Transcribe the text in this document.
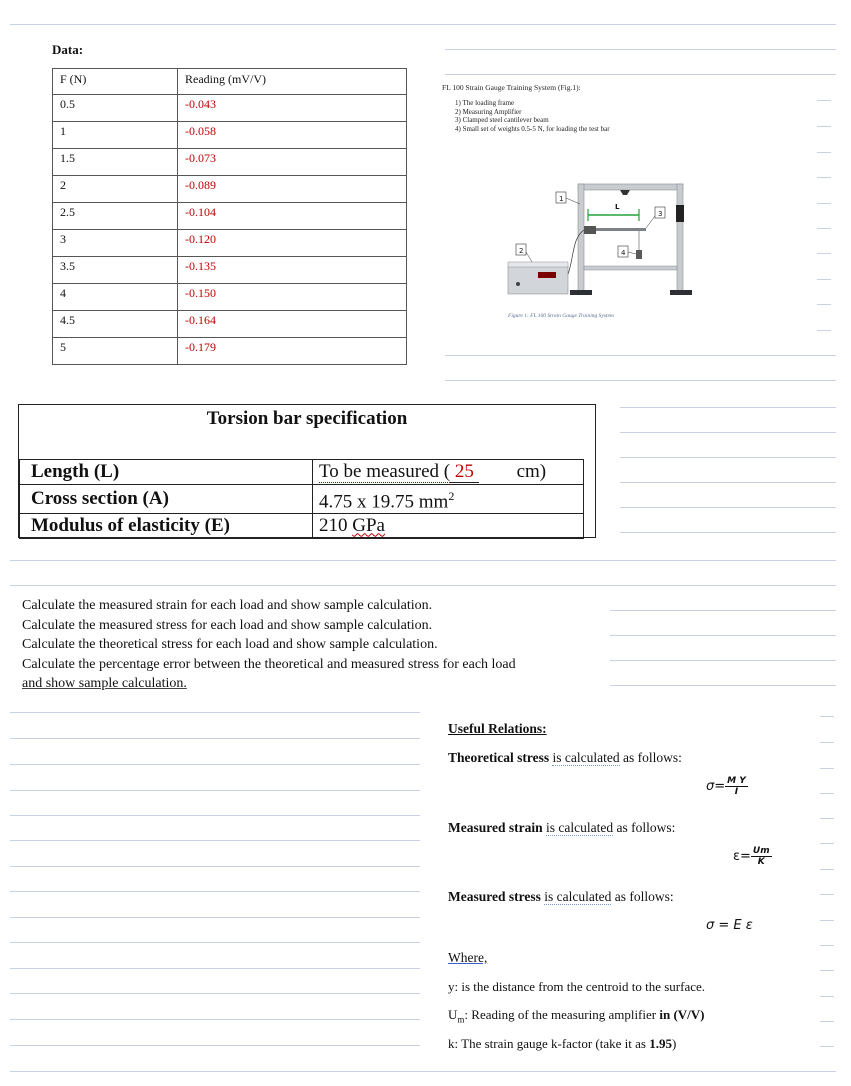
Data:
F (N)	Reading (mV/V)
0.5	-0.043
1	-0.058
1.5	-0.073
2	-0.089
2.5	-0.104
3	-0.120
3.5	-0.135
4	-0.150
4.5	-0.164
5	-0.179
FL 100 Strain Gauge Training System (Fig.1):
1) The loading frame
2) Measuring Amplifier
3) Clamped steel cantilever beam
4) Small set of weights 0.5-5 N, for loading the test bar
L
1
2
3
4
Figure 1: FL 100 Strain Gauge Training System
Torsion bar specification
Length (L)	To be measured ( 25 cm)
Cross section (A)	4.75 x 19.75 $mm^2$
Modulus of elasticity (E)	210 GPa
Calculate the measured strain for each load and show sample calculation.
Calculate the measured stress for each load and show sample calculation.
Calculate the theoretical stress for each load and show sample calculation.
Calculate the percentage error between the theoretical and measured stress for each load
and show sample calculation.
Useful Relations:
Theoretical stress is calculated as follows:
$\sigma= \frac{\text{M Y}}{I}$
Measured strain is calculated as follows:
$\varepsilon= \frac{Um}{K}$
Measured stress is calculated as follows:
σ = E ε
Where,
y: is the distance from the centroid to the surface.
$U_m$: Reading of the measuring amplifier in (V/V)
k: The strain gauge k-factor (take it as 1.95)
